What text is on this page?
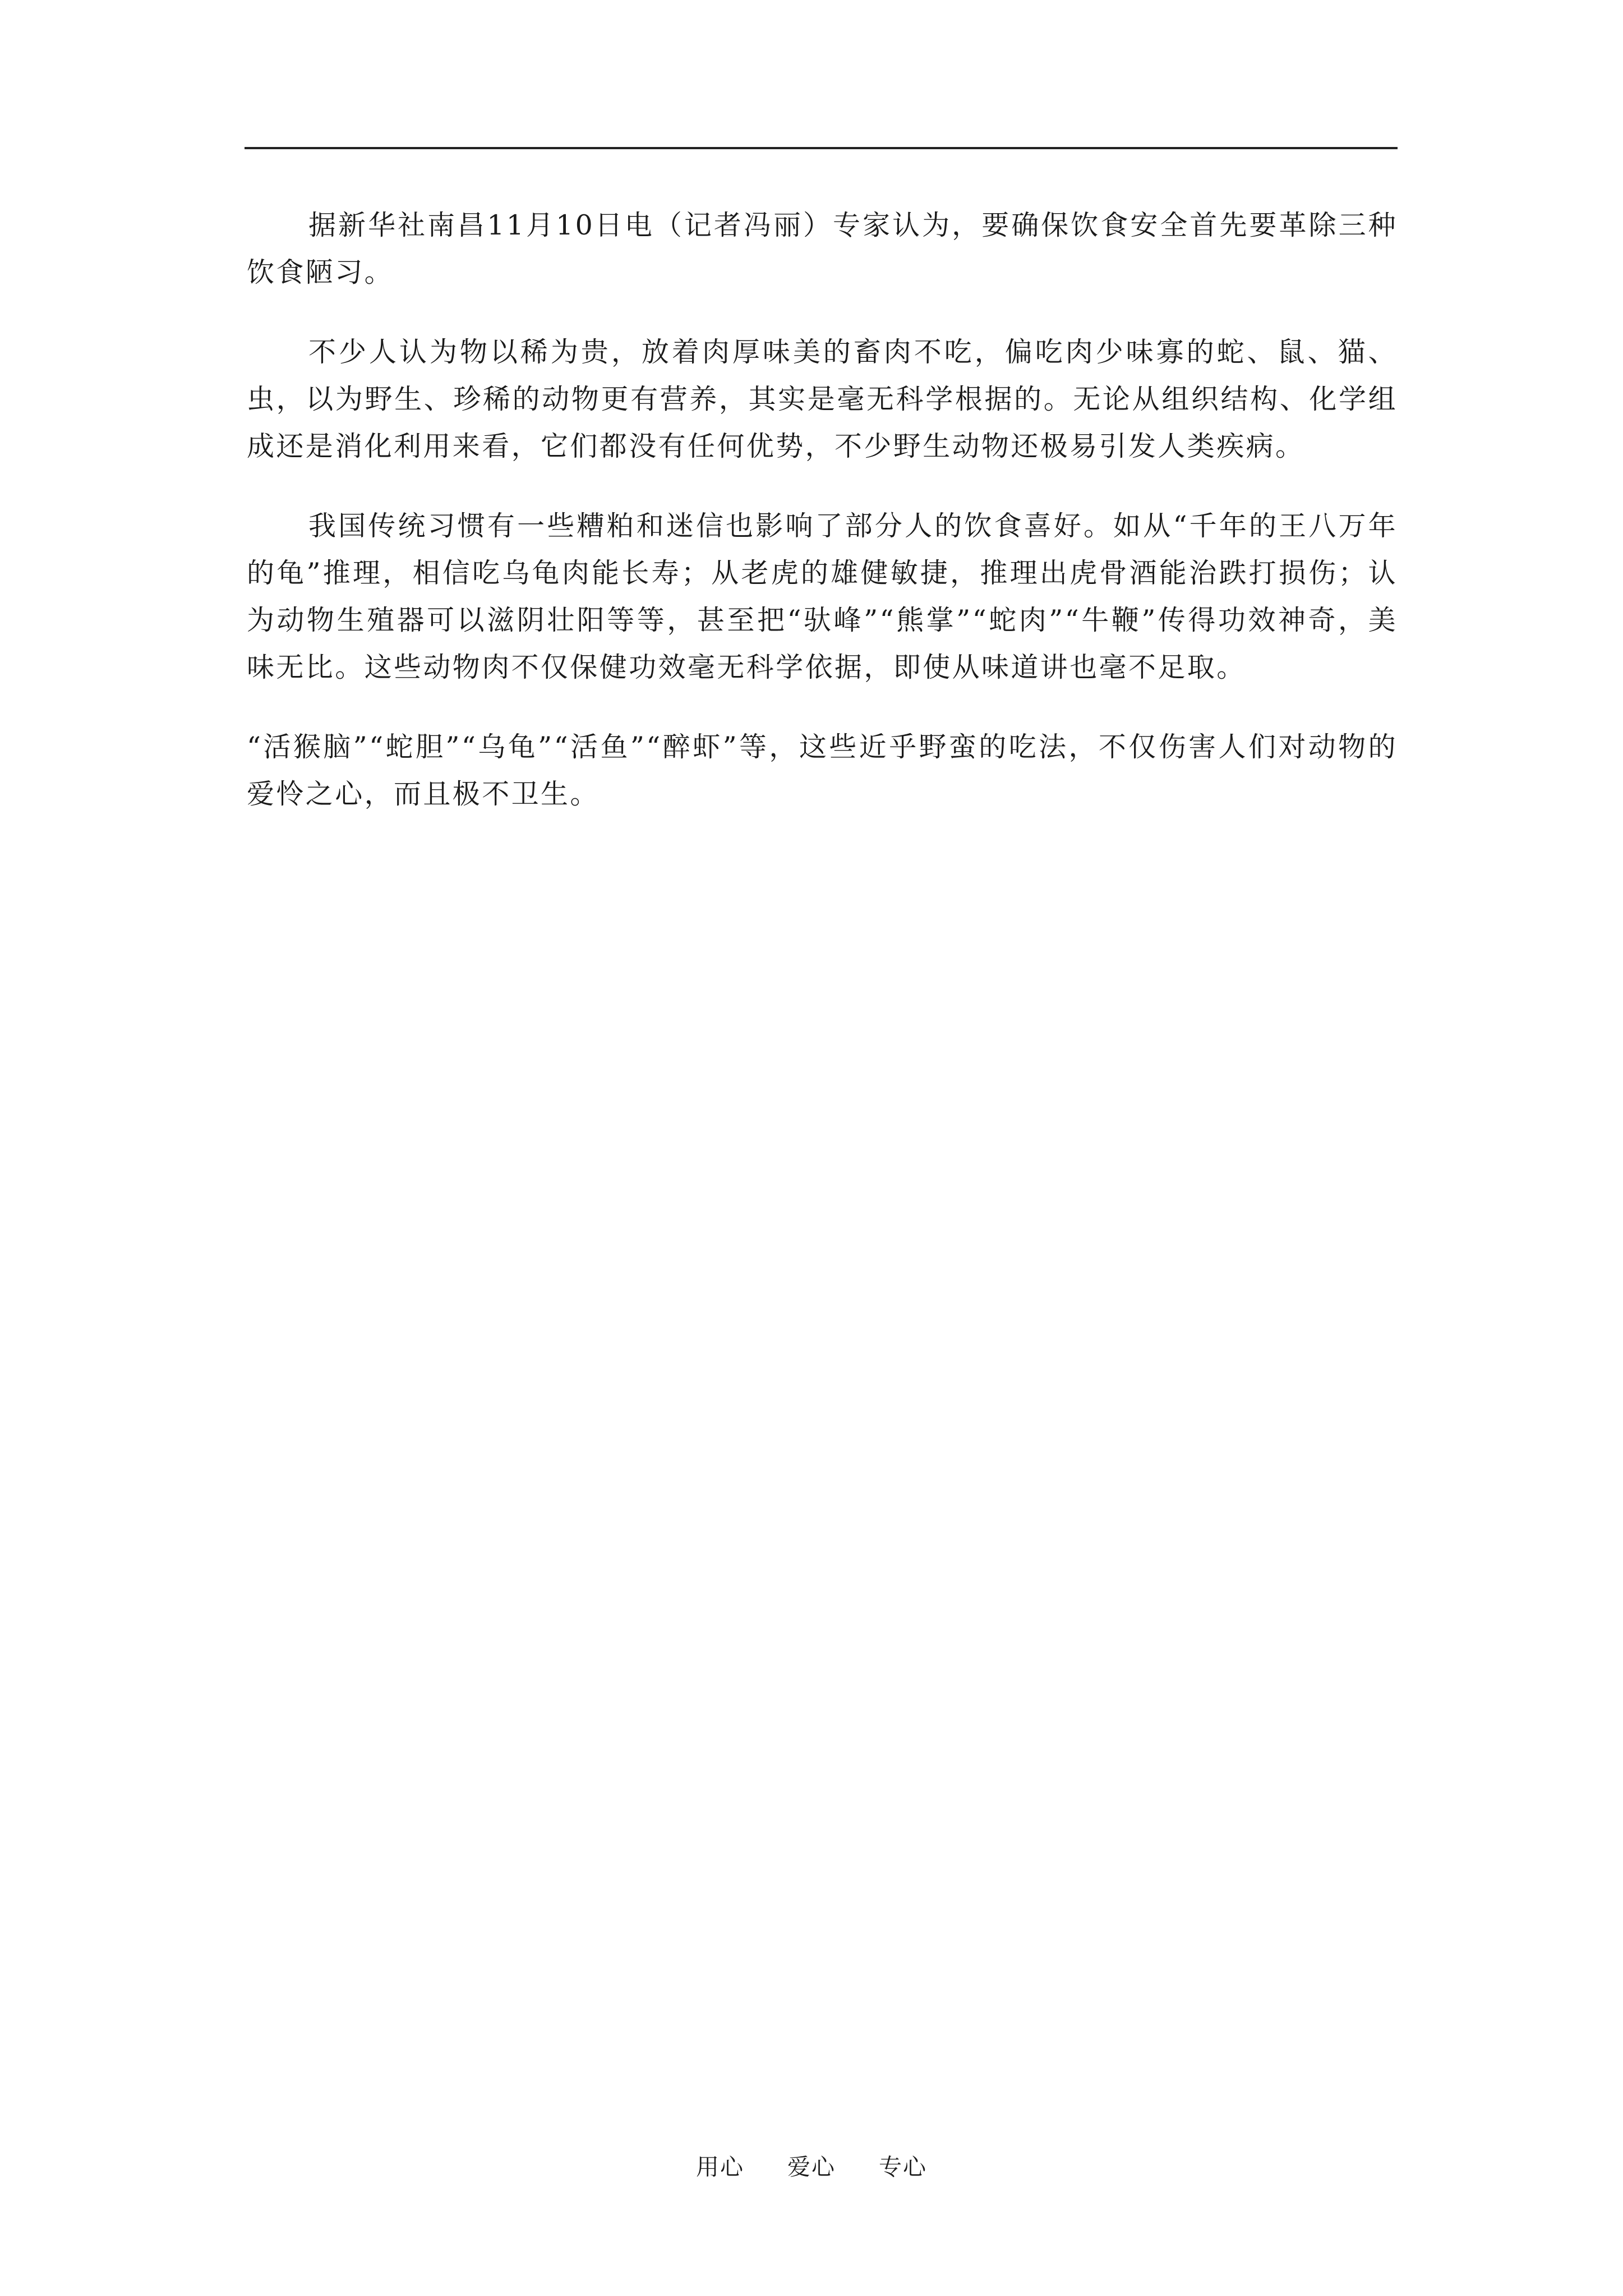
据新华社南昌11月10日电（记者冯丽）专家认为，要确保饮食安全首先要革除三种饮食陋习。

不少人认为物以稀为贵，放着肉厚味美的畜肉不吃，偏吃肉少味寡的蛇、鼠、猫、虫，以为野生、珍稀的动物更有营养，其实是毫无科学根据的。无论从组织结构、化学组成还是消化利用来看，它们都没有任何优势，不少野生动物还极易引发人类疾病。

我国传统习惯有一些糟粕和迷信也影响了部分人的饮食喜好。如从“千年的王八万年的龟”推理，相信吃乌龟肉能长寿；从老虎的雄健敏捷，推理出虎骨酒能治跌打损伤；认为动物生殖器可以滋阴壮阳等等，甚至把“驮峰”“熊掌”“蛇肉”“牛鞭”传得功效神奇，美味无比。这些动物肉不仅保健功效毫无科学依据，即使从味道讲也毫不足取。

“活猴脑”“蛇胆”“乌龟”“活鱼”“醉虾”等，这些近乎野蛮的吃法，不仅伤害人们对动物的爱怜之心，而且极不卫生。

用心 爱心 专心
